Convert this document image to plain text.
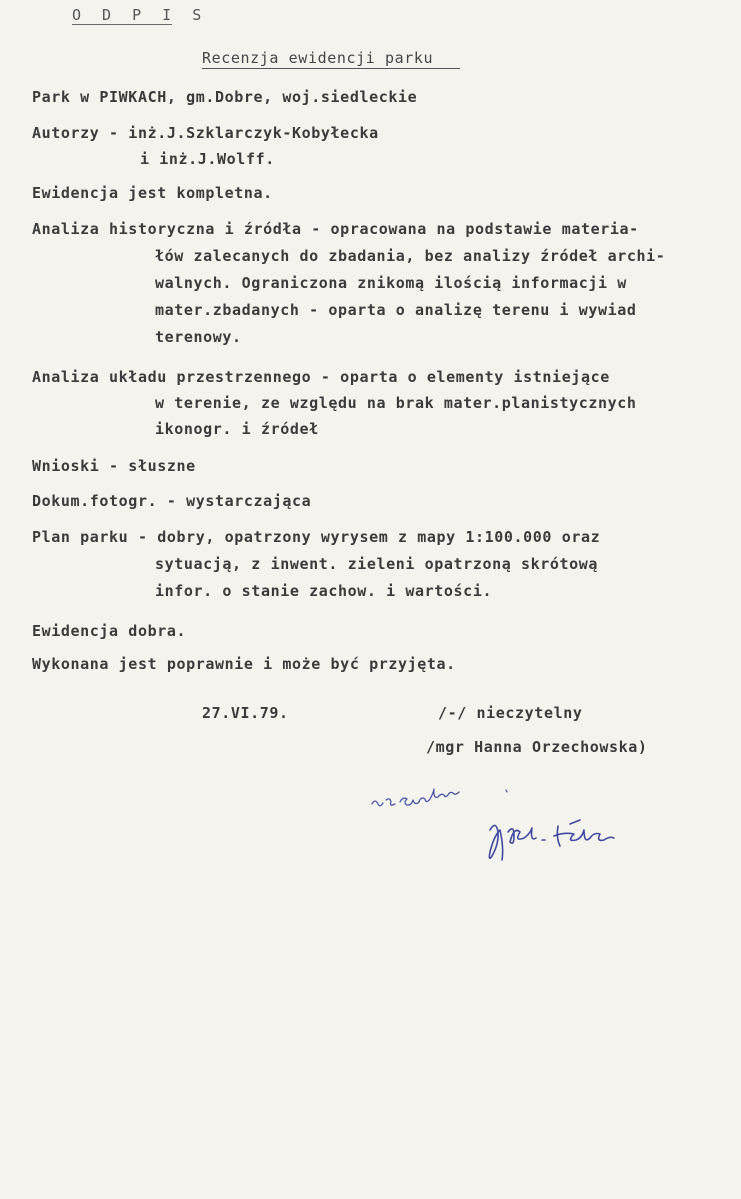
O D P I S
Recenzja ewidencji parku
Park w PIWKACH, gm.Dobre, woj.siedleckie
Autorzy - inż.J.Szklarczyk-Kobyłecka
i inż.J.Wolff.
Ewidencja jest kompletna.
Analiza historyczna i źródła - opracowana na podstawie materia-
łów zalecanych do zbadania, bez analizy źródeł archi-
walnych. Ograniczona znikomą ilością informacji w
mater.zbadanych - oparta o analizę terenu i wywiad
terenowy.
Analiza układu przestrzennego - oparta o elementy istniejące
w terenie, ze względu na brak mater.planistycznych
ikonogr. i źródeł
Wnioski - słuszne
Dokum.fotogr. - wystarczająca
Plan parku - dobry, opatrzony wyrysem z mapy 1:100.000 oraz
sytuacją, z inwent. zieleni opatrzoną skrótową
infor. o stanie zachow. i wartości.
Ewidencja dobra.
Wykonana jest poprawnie i może być przyjęta.
27.VI.79.	/-/ nieczytelny
/mgr Hanna Orzechowska)
